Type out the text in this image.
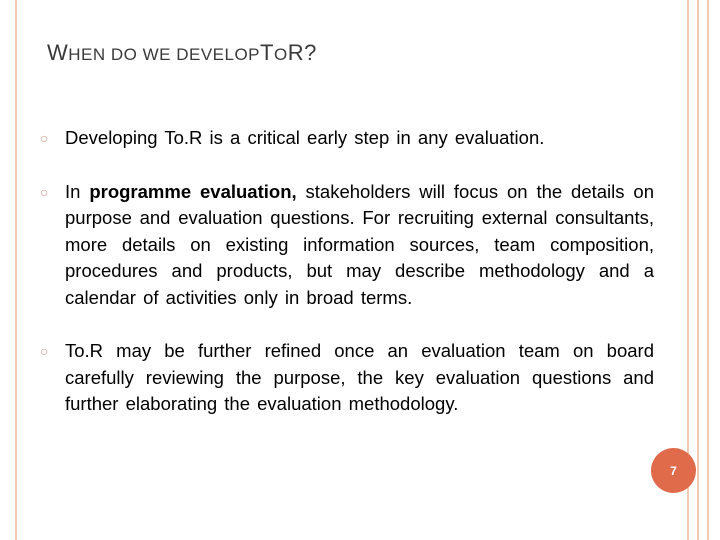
WHEN DO WE DEVELOPTOR?
○ Developing To.R is a critical early step in any evaluation.
○ In programme evaluation, stakeholders will focus on the details on purpose and evaluation questions. For recruiting external consultants, more details on existing information sources, team composition, procedures and products, but may describe methodology and a calendar of activities only in broad terms.
○ To.R may be further refined once an evaluation team on board carefully reviewing the purpose, the key evaluation questions and further elaborating the evaluation methodology.
7
